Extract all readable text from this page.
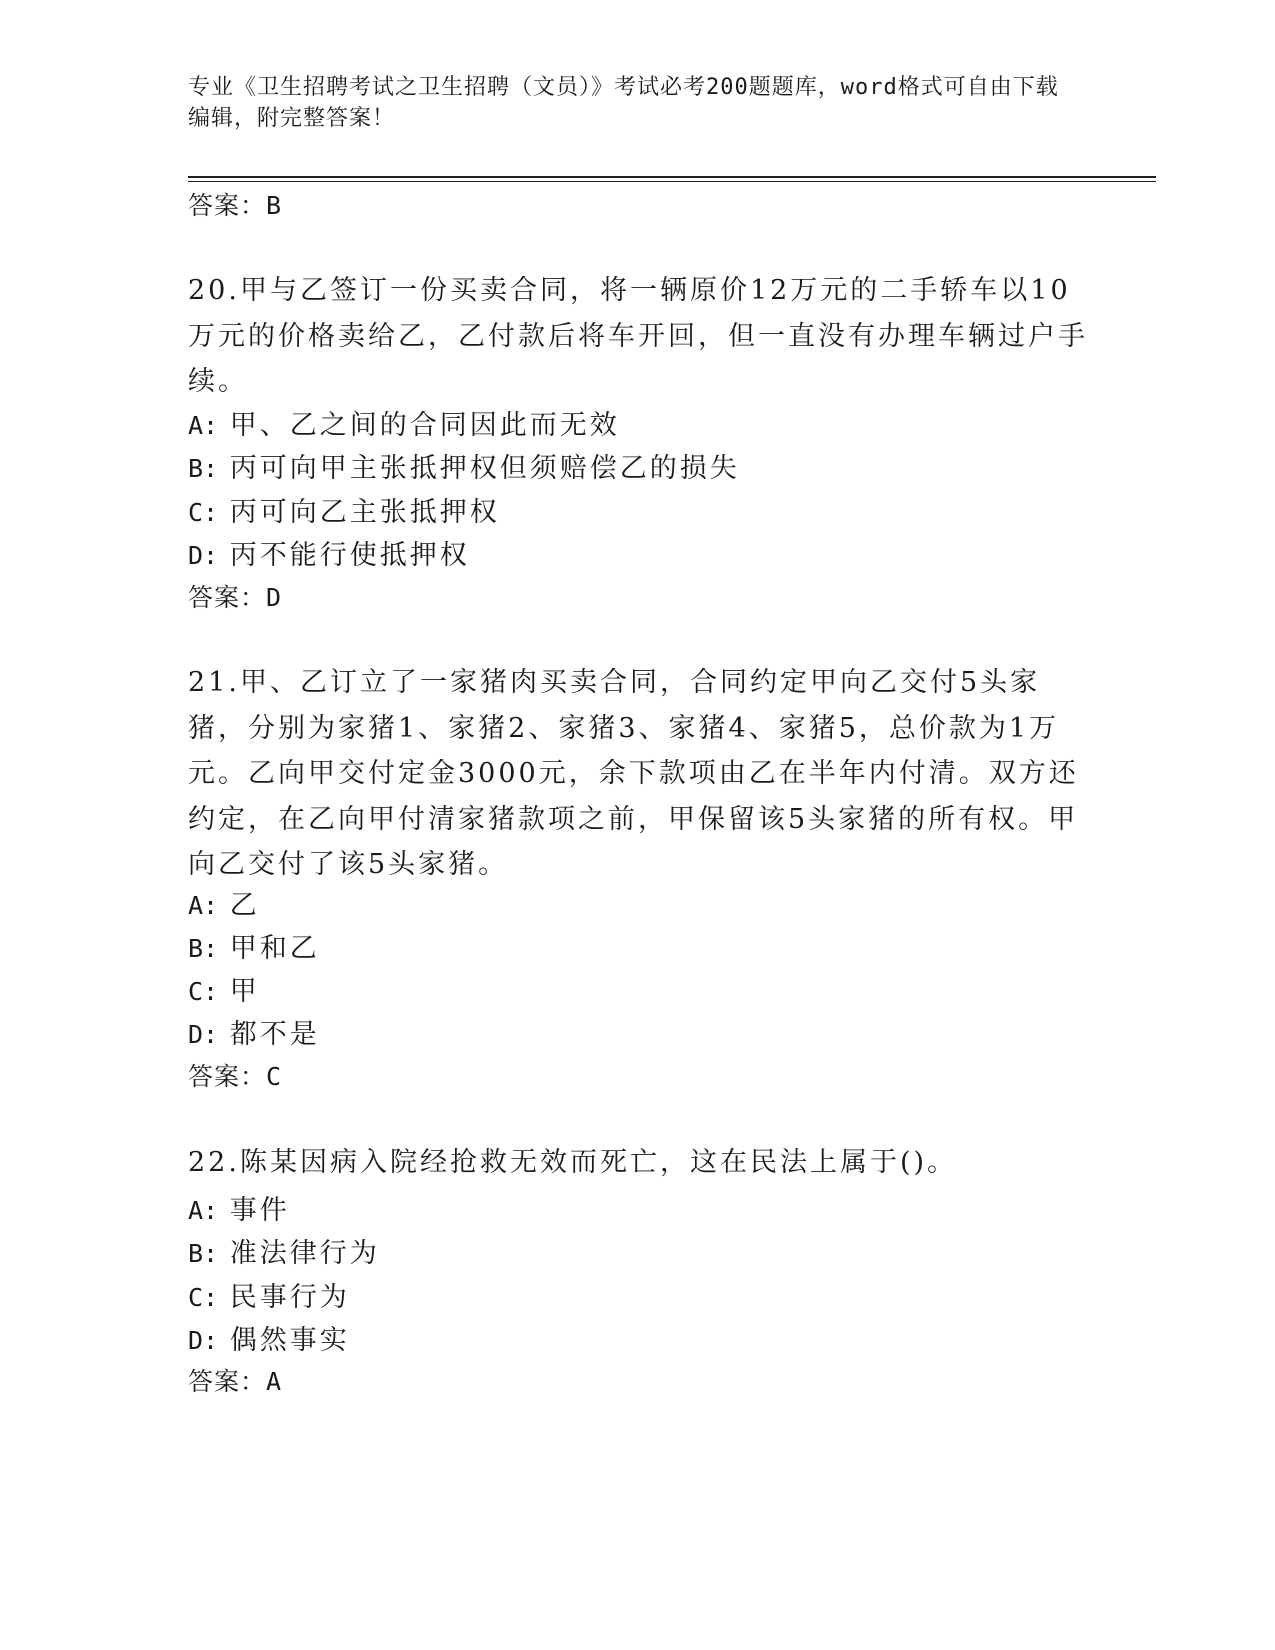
专业《卫生招聘考试之卫生招聘（文员）》考试必考200题题库，word格式可自由下载编辑，附完整答案！
答案：B
20.甲与乙签订一份买卖合同，将一辆原价12万元的二手轿车以10万元的价格卖给乙，乙付款后将车开回，但一直没有办理车辆过户手续。
A: 甲、乙之间的合同因此而无效
B: 丙可向甲主张抵押权但须赔偿乙的损失
C: 丙可向乙主张抵押权
D: 丙不能行使抵押权
答案：D
21.甲、乙订立了一家猪肉买卖合同，合同约定甲向乙交付5头家猪，分别为家猪1、家猪2、家猪3、家猪4、家猪5，总价款为1万元。乙向甲交付定金3000元，余下款项由乙在半年内付清。双方还约定，在乙向甲付清家猪款项之前，甲保留该5头家猪的所有权。甲向乙交付了该5头家猪。
A: 乙
B: 甲和乙
C: 甲
D: 都不是
答案：C
22.陈某因病入院经抢救无效而死亡，这在民法上属于()。
A: 事件
B: 准法律行为
C: 民事行为
D: 偶然事实
答案：A
